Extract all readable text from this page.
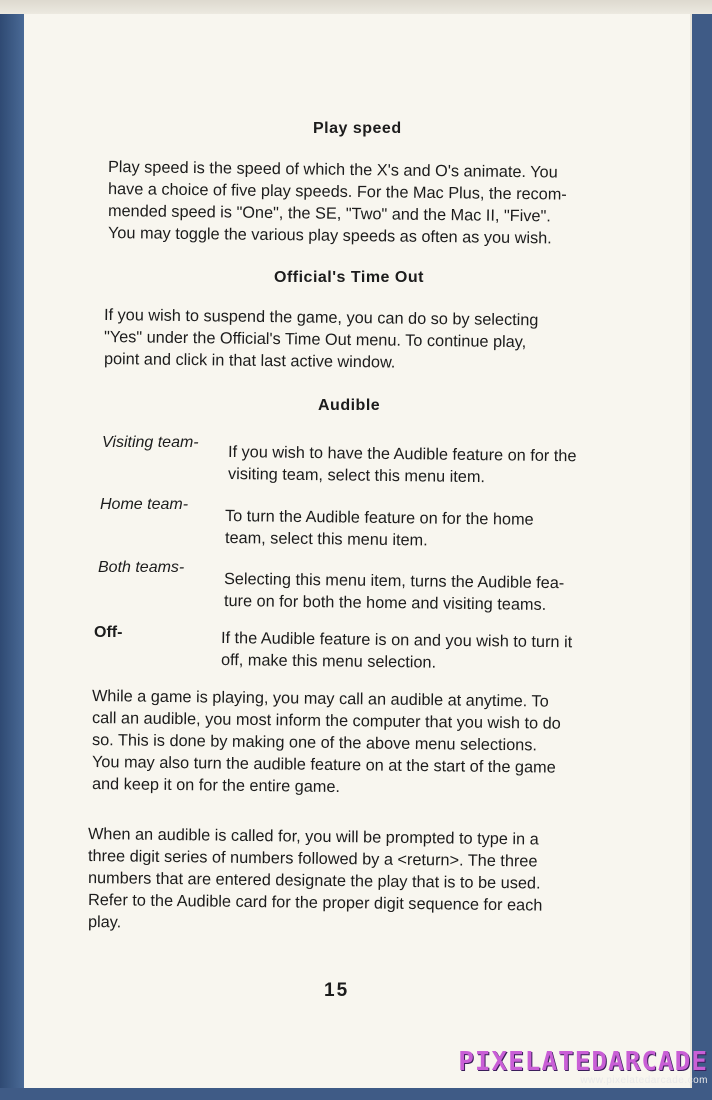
Play speed
Play speed is the speed of which the X's and O's animate. You
have a choice of five play speeds. For the Mac Plus, the recom-
mended speed is "One", the SE, "Two" and the Mac II, "Five".
You may toggle the various play speeds as often as you wish.
Official's Time Out
If you wish to suspend the game, you can do so by selecting
"Yes" under the Official's Time Out menu. To continue play,
point and click in that last active window.
Audible
Visiting team-
If you wish to have the Audible feature on for the
visiting team, select this menu item.
Home team-
To turn the Audible feature on for the home
team, select this menu item.
Both teams-
Selecting this menu item, turns the Audible fea-
ture on for both the home and visiting teams.
Off-	If the Audible feature is on and you wish to turn it
off, make this menu selection.
While a game is playing, you may call an audible at anytime. To
call an audible, you most inform the computer that you wish to do
so. This is done by making one of the above menu selections.
You may also turn the audible feature on at the start of the game
and keep it on for the entire game.
When an audible is called for, you will be prompted to type in a
three digit series of numbers followed by a <return>. The three
numbers that are entered designate the play that is to be used.
Refer to the Audible card for the proper digit sequence for each
play.
15
PIXELATEDARCADE
www.pixelatedarcade.com
